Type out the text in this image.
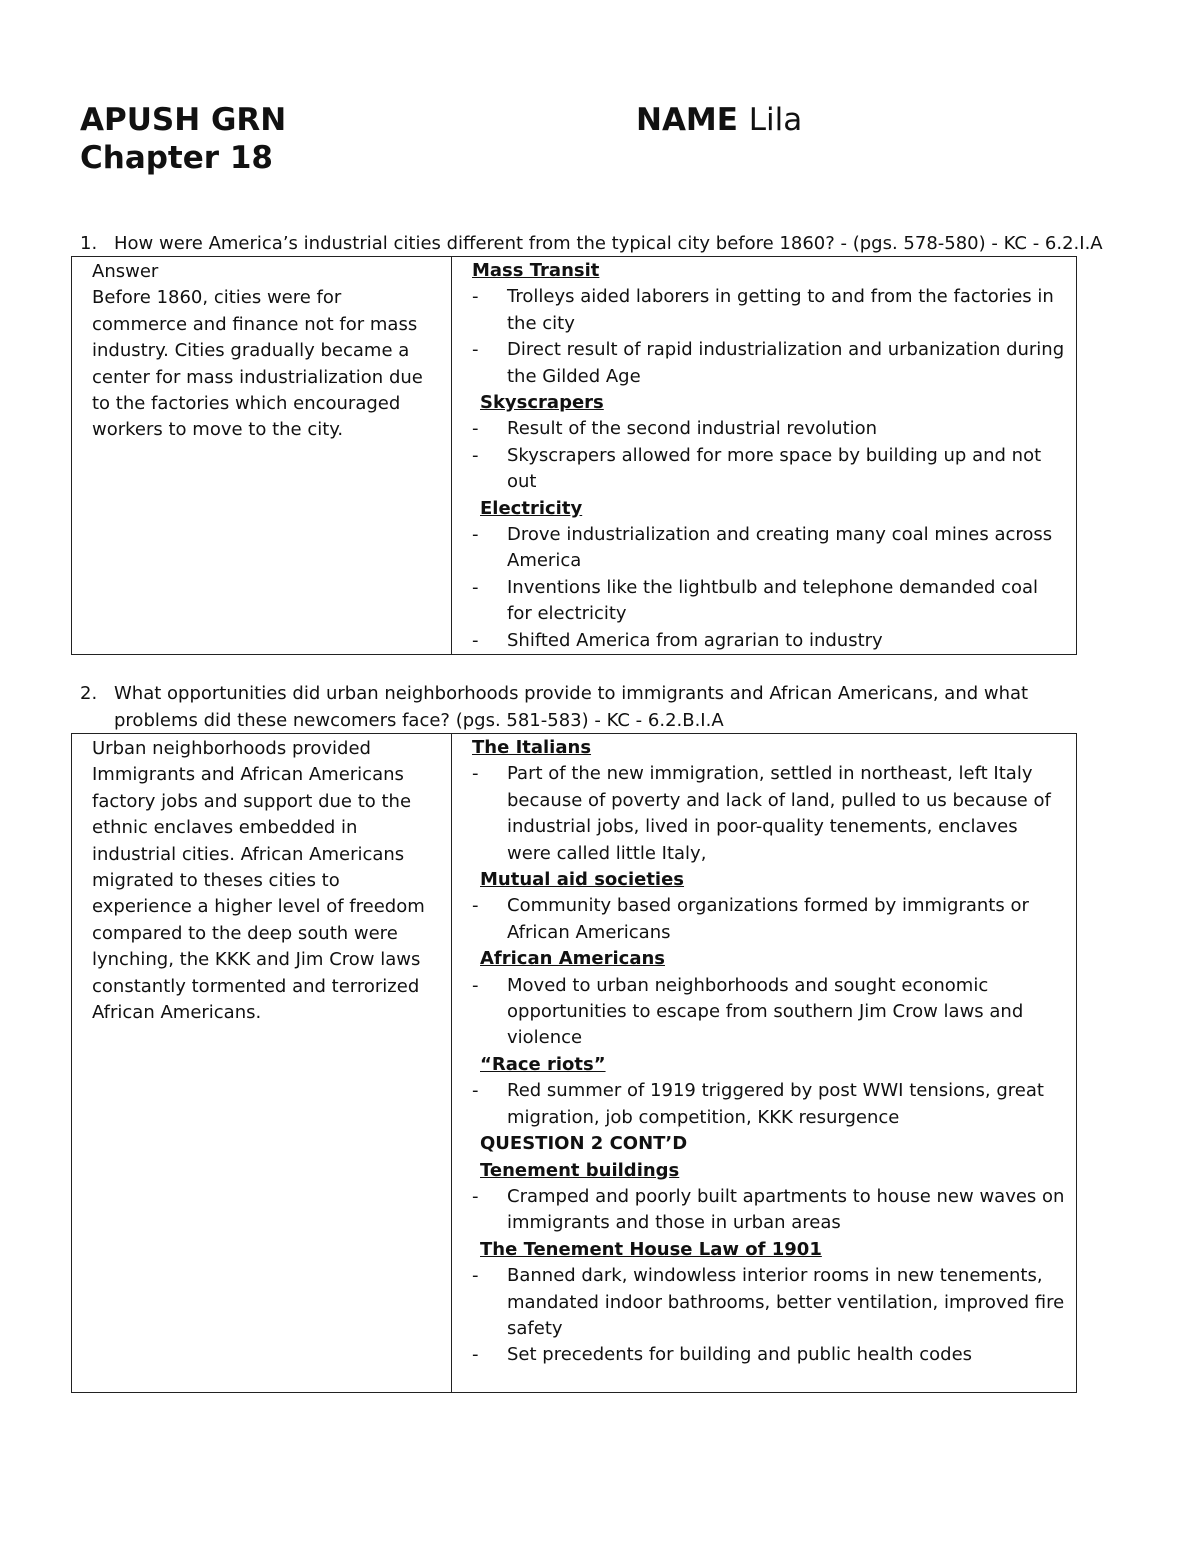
APUSH GRN
Chapter 18
NAME Lila
1. How were America’s industrial cities different from the typical city before 1860? - (pgs. 578-580) - KC - 6.2.I.A
Answer
Before 1860, cities were for commerce and finance not for mass industry. Cities gradually became a center for mass industrialization due to the factories which encouraged workers to move to the city.

Mass Transit
-	Trolleys aided laborers in getting to and from the factories in the city
-	Direct result of rapid industrialization and urbanization during the Gilded Age
Skyscrapers
-	Result of the second industrial revolution
-	Skyscrapers allowed for more space by building up and not out
Electricity
-	Drove industrialization and creating many coal mines across America
-	Inventions like the lightbulb and telephone demanded coal for electricity
-	Shifted America from agrarian to industry
2. What opportunities did urban neighborhoods provide to immigrants and African Americans, and what
problems did these newcomers face? (pgs. 581-583) - KC - 6.2.B.I.A
Urban neighborhoods provided Immigrants and African Americans factory jobs and support due to the ethnic enclaves embedded in industrial cities. African Americans migrated to theses cities to experience a higher level of freedom compared to the deep south were lynching, the KKK and Jim Crow laws constantly tormented and terrorized African Americans.

The Italians
-	Part of the new immigration, settled in northeast, left Italy because of poverty and lack of land, pulled to us because of industrial jobs, lived in poor-quality tenements, enclaves were called little Italy,
Mutual aid societies
-	Community based organizations formed by immigrants or African Americans
African Americans
-	Moved to urban neighborhoods and sought economic opportunities to escape from southern Jim Crow laws and violence
“Race riots”
-	Red summer of 1919 triggered by post WWI tensions, great migration, job competition, KKK resurgence
QUESTION 2 CONT’D
Tenement buildings
-	Cramped and poorly built apartments to house new waves on immigrants and those in urban areas
The Tenement House Law of 1901
-	Banned dark, windowless interior rooms in new tenements, mandated indoor bathrooms, better ventilation, improved fire safety
-	Set precedents for building and public health codes
